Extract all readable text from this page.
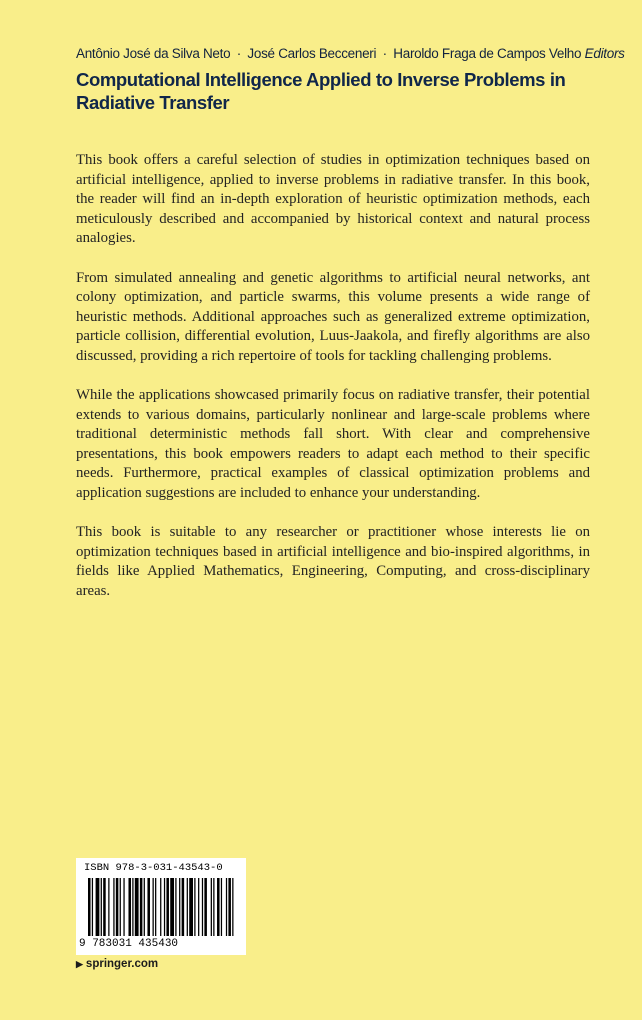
Antônio José da Silva Neto · José Carlos Becceneri · Haroldo Fraga de Campos Velho Editors
Computational Intelligence Applied to Inverse Problems in Radiative Transfer

This book offers a careful selection of studies in optimization techniques based on artificial intelligence, applied to inverse problems in radiative transfer. In this book, the reader will find an in-depth exploration of heuristic optimization methods, each meticulously described and accompanied by historical context and natural process analogies.

From simulated annealing and genetic algorithms to artificial neural networks, ant colony optimization, and particle swarms, this volume presents a wide range of heuristic methods. Additional approaches such as generalized extreme optimization, particle collision, differential evolution, Luus-Jaakola, and firefly algorithms are also discussed, providing a rich repertoire of tools for tackling challenging problems.

While the applications showcased primarily focus on radiative transfer, their potential extends to various domains, particularly nonlinear and large-scale problems where traditional deterministic methods fall short. With clear and comprehensive presentations, this book empowers readers to adapt each method to their specific needs. Furthermore, practical examples of classical optimization problems and application suggestions are included to enhance your understanding.

This book is suitable to any researcher or practitioner whose interests lie on optimization techniques based in artificial intelligence and bio-inspired algorithms, in fields like Applied Mathematics, Engineering, Computing, and cross-disciplinary areas.

ISBN 978-3-031-43543-0
9 783031 435430
▶ springer.com
